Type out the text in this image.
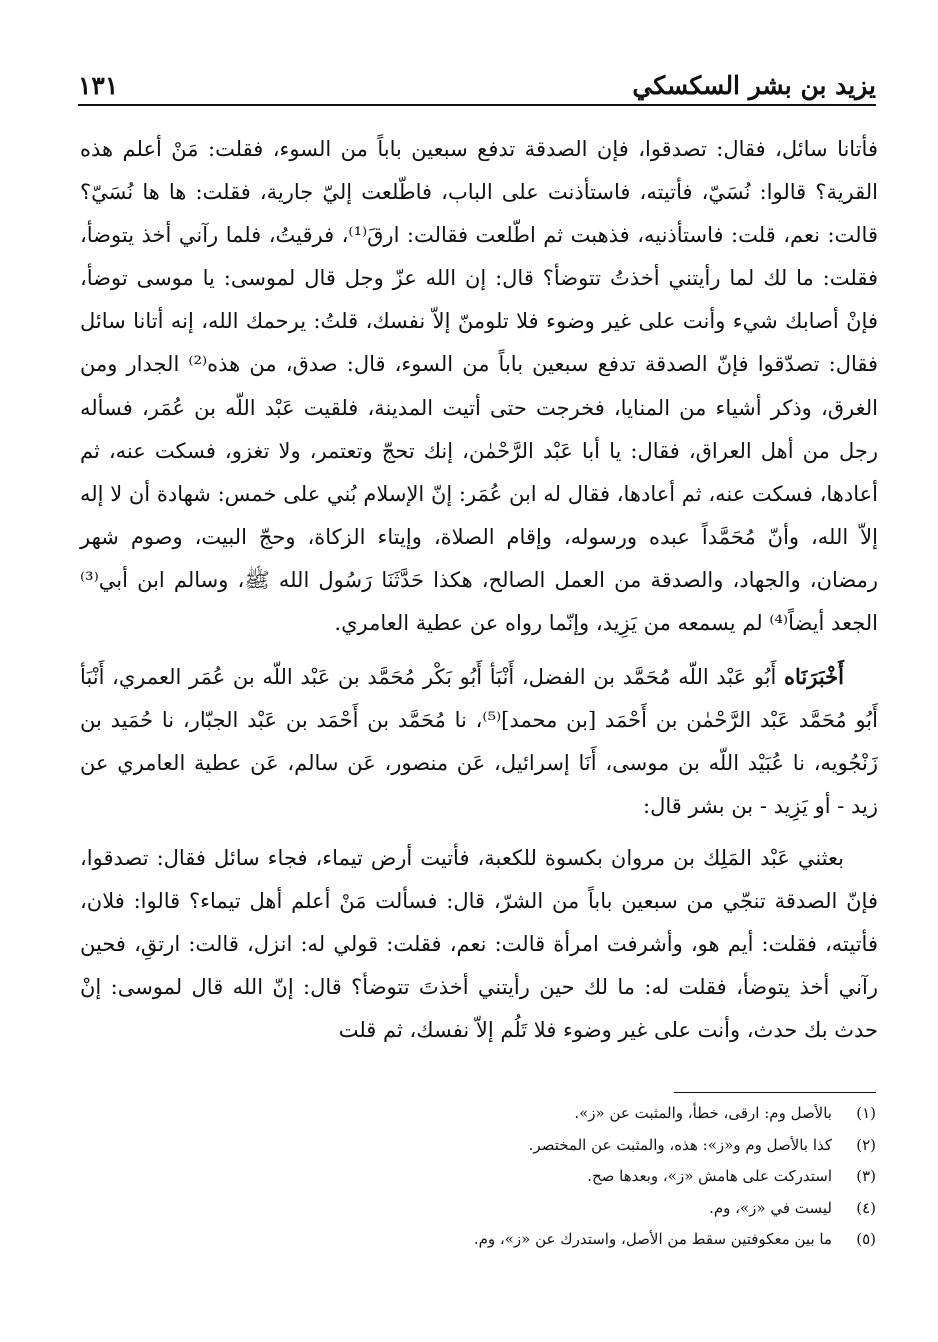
يزيد بن بشر السكسكي
١٣١

فأتانا سائل، فقال: تصدقوا، فإن الصدقة تدفع سبعين باباً من السوء، فقلت: مَنْ أعلم هذه القرية؟ قالوا: نُسَيّ، فأتيته، فاستأذنت على الباب، فاطّلعت إليّ جارية، فقلت: ها ها نُسَيّ؟ قالت: نعم، قلت: فاستأذنيه، فذهبت ثم اطّلعت فقالت: ارقَ⁽¹⁾، فرقيتُ، فلما رآني أخذ يتوضأ، فقلت: ما لك لما رأيتني أخذتُ تتوضأ؟ قال: إن الله عزّ وجل قال لموسى: يا موسى توضأ، فإنْ أصابك شيء وأنت على غير وضوء فلا تلومنّ إلاّ نفسك، قلتُ: يرحمك الله، إنه أتانا سائل فقال: تصدّقوا فإنّ الصدقة تدفع سبعين باباً من السوء، قال: صدق، من هذه⁽²⁾ الجدار ومن الغرق، وذكر أشياء من المنايا، فخرجت حتى أتيت المدينة، فلقيت عَبْد اللّه بن عُمَر، فسأله رجل من أهل العراق، فقال: يا أبا عَبْد الرَّحْمٰن، إنك تحجّ وتعتمر، ولا تغزو، فسكت عنه، ثم أعادها، فسكت عنه، ثم أعادها، فقال له ابن عُمَر: إنّ الإسلام بُني على خمس: شهادة أن لا إله إلاّ الله، وأنّ مُحَمَّداً عبده ورسوله، وإقام الصلاة، وإيتاء الزكاة، وحجّ البيت، وصوم شهر رمضان، والجهاد، والصدقة من العمل الصالح، هكذا حَدَّثَنَا رَسُول الله ﷺ، وسالم ابن أبي⁽³⁾ الجعد أيضاً⁽⁴⁾ لم يسمعه من يَزِيد، وإنّما رواه عن عطية العامري.

أَخْبَرَنَاه أَبُو عَبْد اللّه مُحَمَّد بن الفضل، أَنْبَأ أَبُو بَكْر مُحَمَّد بن عَبْد اللّه بن عُمَر العمري، أَنْبَأ أَبُو مُحَمَّد عَبْد الرَّحْمٰن بن أَحْمَد [بن محمد]⁽⁵⁾، نا مُحَمَّد بن أَحْمَد بن عَبْد الجبّار، نا حُمَيد بن زَنْجُويه، نا عُبَيْد اللّه بن موسى، أَنَا إسرائيل، عَن منصور، عَن سالم، عَن عطية العامري عن زيد - أو يَزِيد - بن بشر قال:

بعثني عَبْد المَلِك بن مروان بكسوة للكعبة، فأتيت أرض تيماء، فجاء سائل فقال: تصدقوا، فإنّ الصدقة تنجّي من سبعين باباً من الشرّ، قال: فسألت مَنْ أعلم أهل تيماء؟ قالوا: فلان، فأتيته، فقلت: أيم هو، وأشرفت امرأة قالت: نعم، فقلت: قولي له: انزل، قالت: ارتقِ، فحين رآني أخذ يتوضأ، فقلت له: ما لك حين رأيتني أخذتَ تتوضأ؟ قال: إنّ الله قال لموسى: إنْ حدث بك حدث، وأنت على غير وضوء فلا تَلُم إلاّ نفسك، ثم قلت

(١)
بالأصل وم: ارقى، خطأ، والمثبت عن «ز».
(٢)
كذا بالأصل وم و«ز»: هذه، والمثبت عن المختصر.
(٣)
استدركت على هامش «ز»، وبعدها صح.
(٤)
ليست في «ز»، وم.
(٥)
ما بين معكوفتين سقط من الأصل، واستدرك عن «ز»، وم.
